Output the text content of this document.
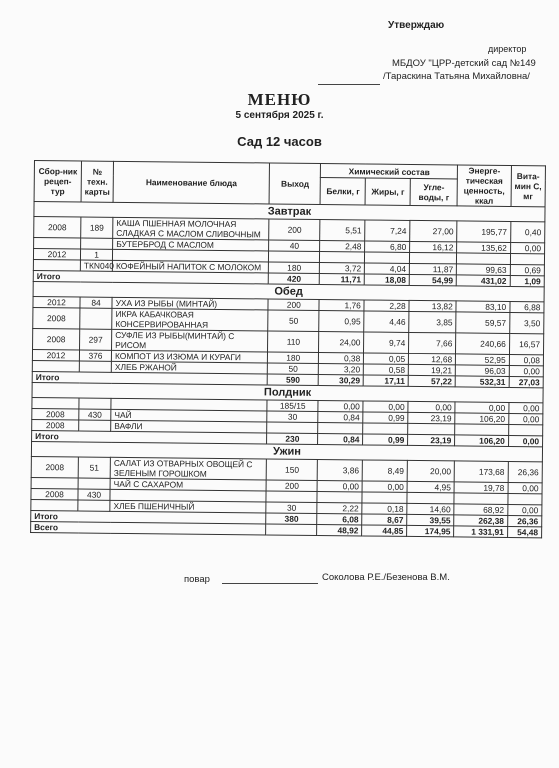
Утверждаю
директор
МБДОУ "ЦРР-детский сад №149
/Тараскина Татьяна Михайловна/
МЕНЮ
5 сентября 2025 г.
Сад 12 часов
Сбор-ник рецеп-тур	№ техн. карты	Наименование блюда	Выход	Химический состав			Энерге-тическая ценность, ккал	Вита-мин С, мг
				Белки, г	Жиры, г	Угле-воды, г		
Завтрак								
2008	189	КАША ПШЕННАЯ МОЛОЧНАЯ СЛАДКАЯ С МАСЛОМ СЛИВОЧНЫМ	200	5,51	7,24	27,00	195,77	0,40
		БУТЕРБРОД С МАСЛОМ	40	2,48	6,80	16,12	135,62	0,00
2012	1							
	ТКN040	КОФЕЙНЫЙ НАПИТОК С МОЛОКОМ	180	3,72	4,04	11,87	99,63	0,69
Итого			420	11,71	18,08	54,99	431,02	1,09
Обед								
2012	84	УХА ИЗ РЫБЫ (МИНТАЙ)	200	1,76	2,28	13,82	83,10	6,88
2008		ИКРА КАБАЧКОВАЯ КОНСЕРВИРОВАННАЯ	50	0,95	4,46	3,85	59,57	3,50
2008	297	СУФЛЕ ИЗ РЫБЫ(МИНТАЙ) С РИСОМ	110	24,00	9,74	7,66	240,66	16,57
2012	376	КОМПОТ ИЗ ИЗЮМА И КУРАГИ	180	0,38	0,05	12,68	52,95	0,08
		ХЛЕБ РЖАНОЙ	50	3,20	0,58	19,21	96,03	0,00
Итого			590	30,29	17,11	57,22	532,31	27,03
Полдник								
			185/15	0,00	0,00	0,00	0,00	0,00
2008	430	ЧАЙ	30	0,84	0,99	23,19	106,20	0,00
2008		ВАФЛИ						
Итого			230	0,84	0,99	23,19	106,20	0,00
Ужин								
2008	51	САЛАТ ИЗ ОТВАРНЫХ ОВОЩЕЙ С ЗЕЛЕНЫМ ГОРОШКОМ	150	3,86	8,49	20,00	173,68	26,36
		ЧАЙ С САХАРОМ	200	0,00	0,00	4,95	19,78	0,00
2008	430							
		ХЛЕБ ПШЕНИЧНЫЙ	30	2,22	0,18	14,60	68,92	0,00
Итого			380	6,08	8,67	39,55	262,38	26,36
Всего				48,92	44,85	174,95	1 331,91	54,48
повар	Соколова Р.Е./Безенова В.М.
